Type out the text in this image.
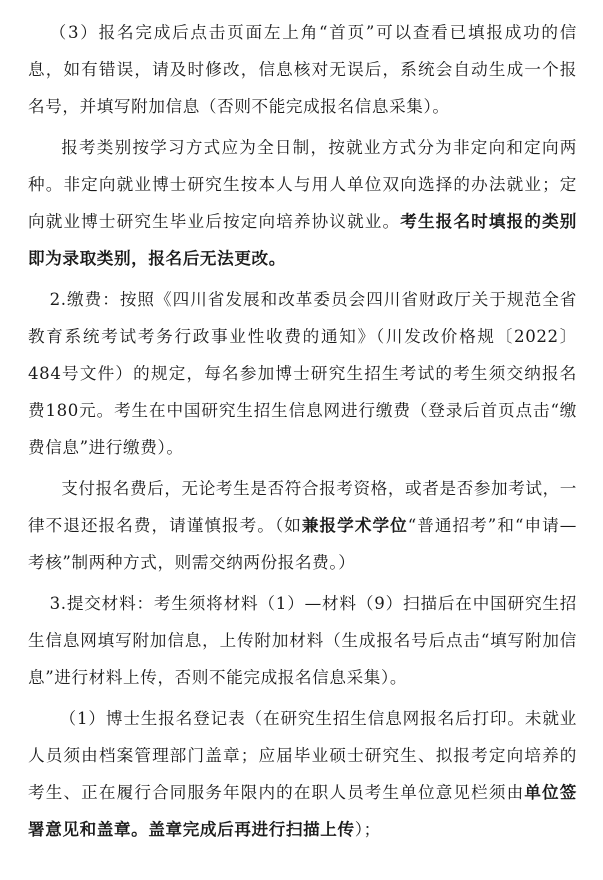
（3）报名完成后点击页面左上角“首页”可以查看已填报成功的信息，如有错误，请及时修改，信息核对无误后，系统会自动生成一个报名号，并填写附加信息（否则不能完成报名信息采集）。

报考类别按学习方式应为全日制，按就业方式分为非定向和定向两种。非定向就业博士研究生按本人与用人单位双向选择的办法就业；定向就业博士研究生毕业后按定向培养协议就业。考生报名时填报的类别即为录取类别，报名后无法更改。

2.缴费：按照《四川省发展和改革委员会四川省财政厅关于规范全省教育系统考试考务行政事业性收费的通知》（川发改价格规〔2022〕484号文件）的规定，每名参加博士研究生招生考试的考生须交纳报名费180元。考生在中国研究生招生信息网进行缴费（登录后首页点击“缴费信息”进行缴费）。

支付报名费后，无论考生是否符合报考资格，或者是否参加考试，一律不退还报名费，请谨慎报考。（如兼报学术学位“普通招考”和“申请—考核”制两种方式，则需交纳两份报名费。）

3.提交材料：考生须将材料（1）—材料（9）扫描后在中国研究生招生信息网填写附加信息，上传附加材料（生成报名号后点击“填写附加信息”进行材料上传，否则不能完成报名信息采集）。

（1）博士生报名登记表（在研究生招生信息网报名后打印。未就业人员须由档案管理部门盖章；应届毕业硕士研究生、拟报考定向培养的考生、正在履行合同服务年限内的在职人员考生单位意见栏须由单位签署意见和盖章。盖章完成后再进行扫描上传）；
